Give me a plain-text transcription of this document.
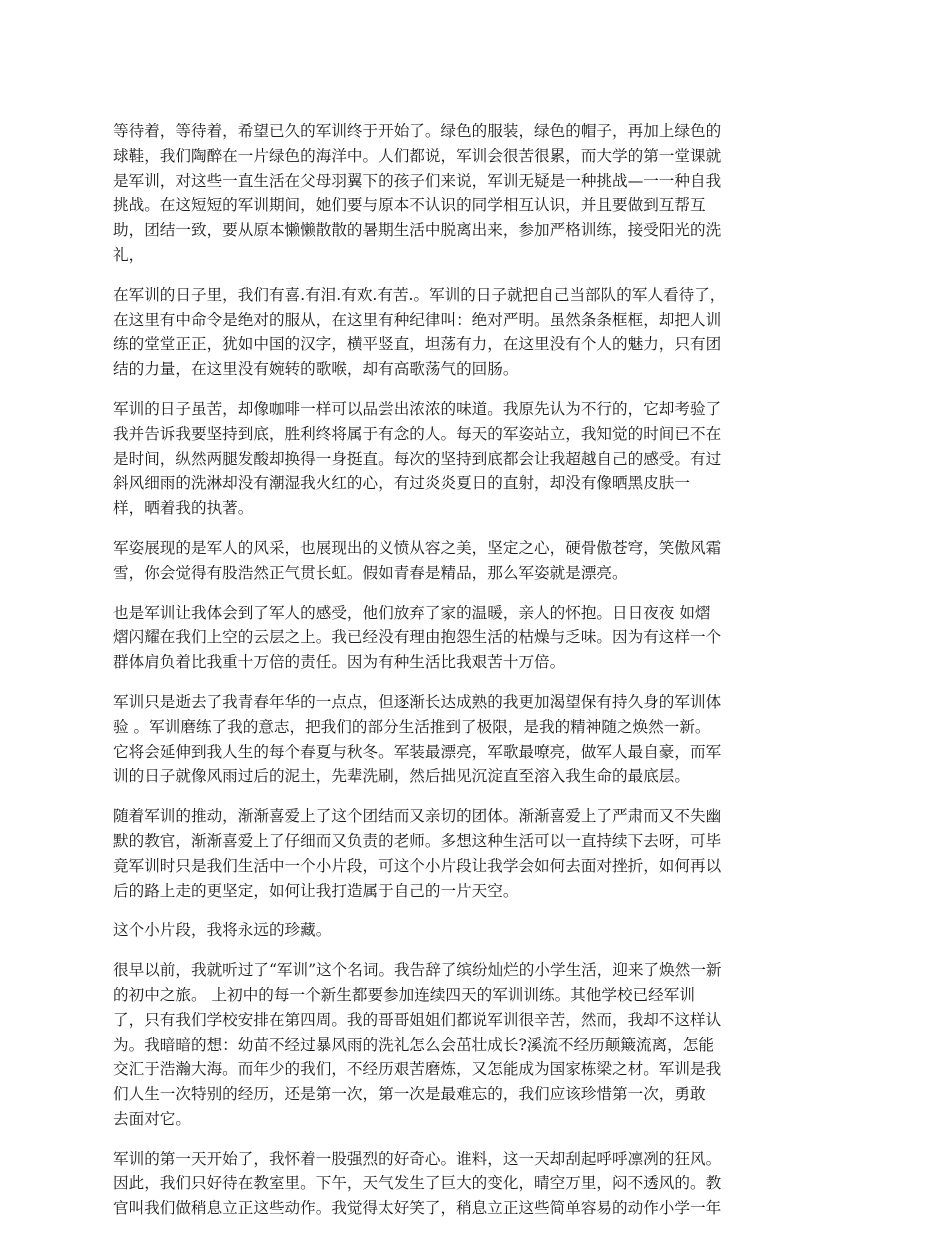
等待着，等待着，希望已久的军训终于开始了。绿色的服装，绿色的帽子，再加上绿色的
球鞋，我们陶醉在一片绿色的海洋中。人们都说，军训会很苦很累，而大学的第一堂课就
是军训，对这些一直生活在父母羽翼下的孩子们来说，军训无疑是一种挑战—一一种自我
挑战。在这短短的军训期间，她们要与原本不认识的同学相互认识，并且要做到互帮互
助，团结一致，要从原本懒懒散散的暑期生活中脱离出来，参加严格训练，接受阳光的洗
礼，

在军训的日子里，我们有喜.有泪.有欢.有苦.。军训的日子就把自己当部队的军人看待了，
在这里有中命令是绝对的服从，在这里有种纪律叫：绝对严明。虽然条条框框，却把人训
练的堂堂正正，犹如中国的汉字，横平竖直，坦荡有力，在这里没有个人的魅力，只有团
结的力量，在这里没有婉转的歌喉，却有高歌荡气的回肠。

军训的日子虽苦，却像咖啡一样可以品尝出浓浓的味道。我原先认为不行的，它却考验了
我并告诉我要坚持到底，胜利终将属于有念的人。每天的军姿站立，我知觉的时间已不在
是时间，纵然两腿发酸却换得一身挺直。每次的坚持到底都会让我超越自己的感受。有过
斜风细雨的洗淋却没有潮湿我火红的心，有过炎炎夏日的直射，却没有像晒黑皮肤一
样，晒着我的执著。

军姿展现的是军人的风采，也展现出的义愤从容之美，坚定之心，硬骨傲苍穹，笑傲风霜
雪，你会觉得有股浩然正气贯长虹。假如青春是精品，那么军姿就是漂亮。

也是军训让我体会到了军人的感受，他们放弃了家的温暖，亲人的怀抱。日日夜夜 如熠
熠闪耀在我们上空的云层之上。我已经没有理由抱怨生活的枯燥与乏味。因为有这样一个
群体肩负着比我重十万倍的责任。因为有种生活比我艰苦十万倍。

军训只是逝去了我青春年华的一点点，但逐渐长达成熟的我更加渴望保有持久身的军训体
验 。军训磨练了我的意志，把我们的部分生活推到了极限，是我的精神随之焕然一新。
它将会延伸到我人生的每个春夏与秋冬。军装最漂亮，军歌最嘹亮，做军人最自豪，而军
训的日子就像风雨过后的泥土，先辈洗刷，然后拙见沉淀直至溶入我生命的最底层。

随着军训的推动，渐渐喜爱上了这个团结而又亲切的团体。渐渐喜爱上了严肃而又不失幽
默的教官，渐渐喜爱上了仔细而又负责的老师。多想这种生活可以一直持续下去呀，可毕
竟军训时只是我们生活中一个小片段，可这个小片段让我学会如何去面对挫折，如何再以
后的路上走的更坚定，如何让我打造属于自己的一片天空。

这个小片段，我将永远的珍藏。

很早以前，我就听过了“军训”这个名词。我告辞了缤纷灿烂的小学生活，迎来了焕然一新
的初中之旅。 上初中的每一个新生都要参加连续四天的军训训练。其他学校已经军训
了，只有我们学校安排在第四周。我的哥哥姐姐们都说军训很辛苦，然而，我却不这样认
为。我暗暗的想：幼苗不经过暴风雨的洗礼怎么会茁壮成长?溪流不经历颠簸流离，怎能
交汇于浩瀚大海。而年少的我们，不经历艰苦磨炼，又怎能成为国家栋梁之材。军训是我
们人生一次特别的经历，还是第一次，第一次是最难忘的，我们应该珍惜第一次，勇敢
去面对它。

军训的第一天开始了，我怀着一股强烈的好奇心。谁料，这一天却刮起呼呼凛冽的狂风。
因此，我们只好待在教室里。下午，天气发生了巨大的变化，晴空万里，闷不透风的。教
官叫我们做稍息立正这些动作。我觉得太好笑了，稍息立正这些简单容易的动作小学一年
